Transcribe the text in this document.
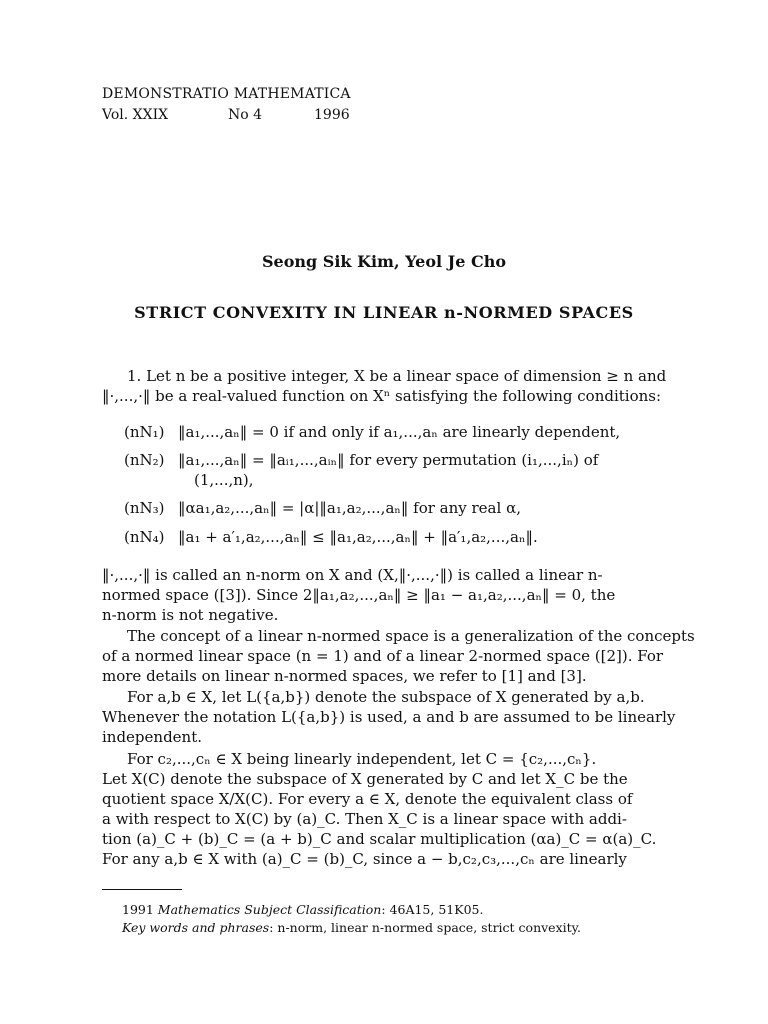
DEMONSTRATIO MATHEMATICA
Vol. XXIX	No 4	1996
Seong Sik Kim, Yeol Je Cho
STRICT CONVEXITY IN LINEAR n-NORMED SPACES
1. Let n be a positive integer, X be a linear space of dimension ≥ n and
‖·,...,·‖ be a real-valued function on Xⁿ satisfying the following conditions:
(nN₁) ‖a₁,...,aₙ‖ = 0 if and only if a₁,...,aₙ are linearly dependent,
(nN₂) ‖a₁,...,aₙ‖ = ‖aᵢ₁,...,aᵢₙ‖ for every permutation (i₁,...,iₙ) of
(1,...,n),
(nN₃) ‖αa₁,a₂,...,aₙ‖ = |α|‖a₁,a₂,...,aₙ‖ for any real α,
(nN₄) ‖a₁ + a′₁,a₂,...,aₙ‖ ≤ ‖a₁,a₂,...,aₙ‖ + ‖a′₁,a₂,...,aₙ‖.
‖·,...,·‖ is called an n-norm on X and (X,‖·,...,·‖) is called a linear n-
normed space ([3]). Since 2‖a₁,a₂,...,aₙ‖ ≥ ‖a₁ − a₁,a₂,...,aₙ‖ = 0, the
n-norm is not negative.
The concept of a linear n-normed space is a generalization of the concepts
of a normed linear space (n = 1) and of a linear 2-normed space ([2]). For
more details on linear n-normed spaces, we refer to [1] and [3].
For a,b ∈ X, let L({a,b}) denote the subspace of X generated by a,b.
Whenever the notation L({a,b}) is used, a and b are assumed to be linearly
independent.
For c₂,...,cₙ ∈ X being linearly independent, let C = {c₂,...,cₙ}.
Let X(C) denote the subspace of X generated by C and let X_C be the
quotient space X/X(C). For every a ∈ X, denote the equivalent class of
a with respect to X(C) by (a)_C. Then X_C is a linear space with addi-
tion (a)_C + (b)_C = (a + b)_C and scalar multiplication (αa)_C = α(a)_C.
For any a,b ∈ X with (a)_C = (b)_C, since a − b,c₂,c₃,...,cₙ are linearly
1991 Mathematics Subject Classification: 46A15, 51K05.
Key words and phrases: n-norm, linear n-normed space, strict convexity.
